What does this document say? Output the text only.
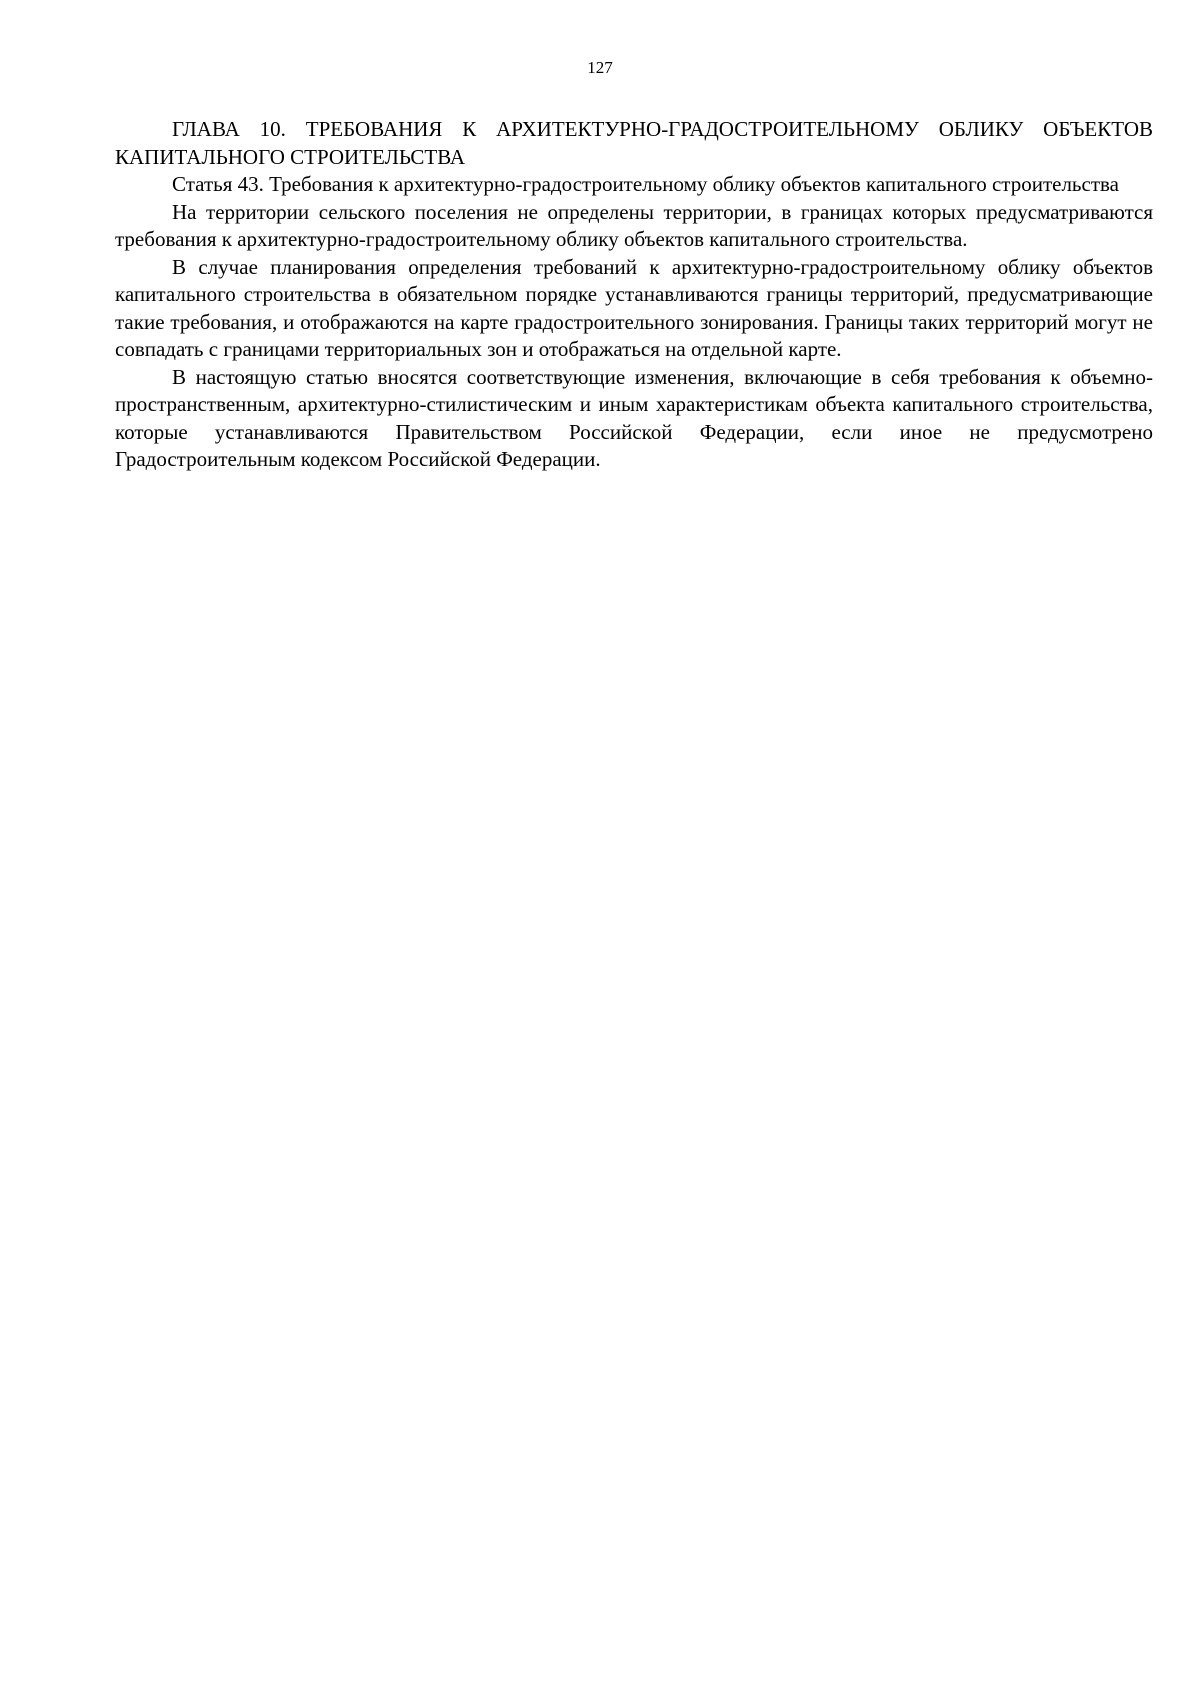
127

ГЛАВА 10. ТРЕБОВАНИЯ К АРХИТЕКТУРНО-ГРАДОСТРОИТЕЛЬНОМУ ОБЛИКУ ОБЪЕКТОВ КАПИТАЛЬНОГО СТРОИТЕЛЬСТВА

Статья 43. Требования к архитектурно-градостроительному облику объектов капитального строительства

На территории сельского поселения не определены территории, в границах которых предусматриваются требования к архитектурно-градостроительному облику объектов капитального строительства.

В случае планирования определения требований к архитектурно-градостроительному облику объектов капитального строительства в обязательном порядке устанавливаются границы территорий, предусматривающие такие требования, и отображаются на карте градостроительного зонирования. Границы таких территорий могут не совпадать с границами территориальных зон и отображаться на отдельной карте.

В настоящую статью вносятся соответствующие изменения, включающие в себя требования к объемно-пространственным, архитектурно-стилистическим и иным характеристикам объекта капитального строительства, которые устанавливаются Правительством Российской Федерации, если иное не предусмотрено Градостроительным кодексом Российской Федерации.
